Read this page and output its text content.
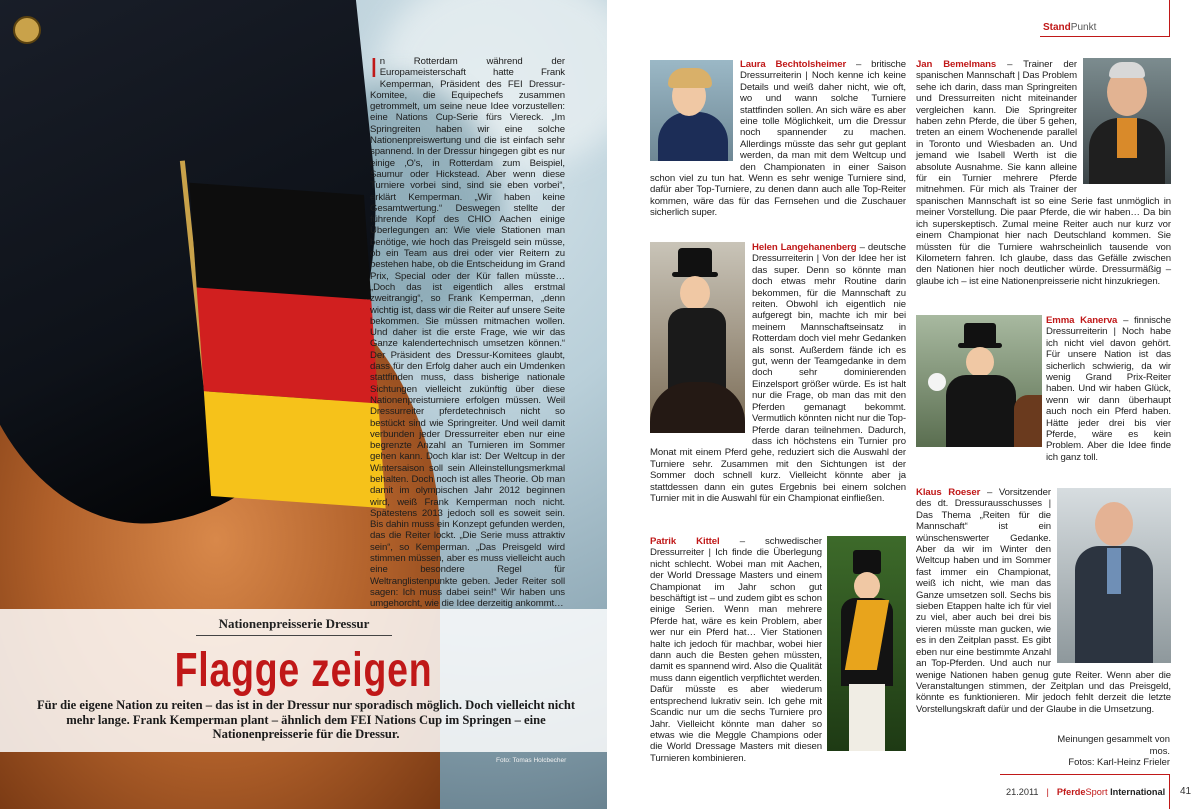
In Rotterdam während der Europameisterschaft hatte Frank Kemperman, Präsident des FEI Dressur-Komitee, die Equipechefs zusammen getrommelt, um seine neue Idee vorzustellen: eine Nations Cup-Serie fürs Viereck. „Im Springreiten haben wir eine solche Nationenpreiswertung und die ist einfach sehr spannend. In der Dressur hingegen gibt es nur einige ‚O's, in Rotterdam zum Beispiel, Saumur oder Hickstead. Aber wenn diese Turniere vorbei sind, sind sie eben vorbei“, erklärt Kemperman. „Wir haben keine Gesamtwertung.“ Deswegen stellte der führende Kopf des CHIO Aachen einige Überlegungen an: Wie viele Stationen man benötige, wie hoch das Preisgeld sein müsse, ob ein Team aus drei oder vier Reitern zu bestehen habe, ob die Entscheidung im Grand Prix, Special oder der Kür fallen müsste… „Doch das ist eigentlich alles erstmal zweitrangig“, so Frank Kemperman, „denn wichtig ist, dass wir die Reiter auf unsere Seite bekommen. Sie müssen mitmachen wollen. Und daher ist die erste Frage, wie wir das Ganze kalendertechnisch umsetzen können.“ Der Präsident des Dressur-Komitees glaubt, dass für den Erfolg daher auch ein Umdenken stattfinden muss, dass bisherige nationale Sichtungen vielleicht zukünftig über diese Nationenpreisturniere erfolgen müssen. Weil Dressurreiter pferdetechnisch nicht so bestückt sind wie Springreiter. Und weil damit verbunden jeder Dressurreiter eben nur eine begrenzte Anzahl an Turnieren im Sommer gehen kann. Doch klar ist: Der Weltcup in der Wintersaison soll sein Alleinstellungsmerkmal behalten. Doch noch ist alles Theorie. Ob man damit im olympischen Jahr 2012 beginnen wird, weiß Frank Kemperman noch nicht. Spätestens 2013 jedoch soll es soweit sein. Bis dahin muss ein Konzept gefunden werden, das die Reiter lockt. „Die Serie muss attraktiv sein“, so Kemperman. „Das Preisgeld wird stimmen müssen, aber es muss vielleicht auch eine besondere Regel für Weltranglistenpunkte geben. Jeder Reiter soll sagen: Ich muss dabei sein!“ Wir haben uns umgehorcht, wie die Idee derzeitig ankommt…
Nationenpreisserie Dressur
Flagge zeigen
Für die eigene Nation zu reiten – das ist in der Dressur nur sporadisch möglich. Doch vielleicht nicht mehr lange. Frank Kemperman plant – ähnlich dem FEI Nations Cup im Springen – eine Nationenpreisserie für die Dressur.
Foto: Tomas Holcbecher
StandPunkt
Laura Bechtolsheimer – britische Dressurreiterin | Noch kenne ich keine Details und weiß daher nicht, wie oft, wo und wann solche Turniere stattfinden sollen. An sich wäre es aber eine tolle Möglichkeit, um die Dressur noch spannender zu machen. Allerdings müsste das sehr gut geplant werden, da man mit dem Weltcup und den Championaten in einer Saison schon viel zu tun hat. Wenn es sehr wenige Turniere sind, dafür aber Top-Turniere, zu denen dann auch alle Top-Reiter kommen, wäre das für das Fernsehen und die Zuschauer sicherlich super.
Helen Langehanenberg – deutsche Dressurreiterin | Von der Idee her ist das super. Denn so könnte man doch etwas mehr Routine darin bekommen, für die Mannschaft zu reiten. Obwohl ich eigentlich nie aufgeregt bin, machte ich mir bei meinem Mannschaftseinsatz in Rotterdam doch viel mehr Gedanken als sonst. Außerdem fände ich es gut, wenn der Teamgedanke in dem doch sehr dominierenden Einzelsport größer würde. Es ist halt nur die Frage, ob man das mit den Pferden gemanagt bekommt. Vermutlich könnten nicht nur die Top-Pferde daran teilnehmen. Dadurch, dass ich höchstens ein Turnier pro Monat mit einem Pferd gehe, reduziert sich die Auswahl der Turniere sehr. Zusammen mit den Sichtungen ist der Sommer doch schnell kurz. Vielleicht könnte aber ja stattdessen dann ein gutes Ergebnis bei einem solchen Turnier mit in die Auswahl für ein Championat einfließen.
Patrik Kittel – schwedischer Dressurreiter | Ich finde die Überlegung nicht schlecht. Wobei man mit Aachen, der World Dressage Masters und einem Championat im Jahr schon gut beschäftigt ist – und zudem gibt es schon einige Serien. Wenn man mehrere Pferde hat, wäre es kein Problem, aber wer nur ein Pferd hat… Vier Stationen halte ich jedoch für machbar, wobei hier dann auch die Besten gehen müssten, damit es spannend wird. Also die Qualität muss dann eigentlich verpflichtet werden. Dafür müsste es aber wiederum entsprechend lukrativ sein. Ich gehe mit Scandic nur um die sechs Turniere pro Jahr. Vielleicht könnte man daher so etwas wie die Meggle Champions oder die World Dressage Masters mit diesen Turnieren kombinieren.
Jan Bemelmans – Trainer der spanischen Mannschaft | Das Problem sehe ich darin, dass man Springreiten und Dressurreiten nicht miteinander vergleichen kann. Die Springreiter haben zehn Pferde, die über 5 gehen, treten an einem Wochenende parallel in Toronto und Wiesbaden an. Und jemand wie Isabell Werth ist die absolute Ausnahme. Sie kann alleine für ein Turnier mehrere Pferde mitnehmen. Für mich als Trainer der spanischen Mannschaft ist so eine Serie fast unmöglich in meiner Vorstellung. Die paar Pferde, die wir haben… Da bin ich superskeptisch. Zumal meine Reiter auch nur kurz vor einem Championat hier nach Deutschland kommen. Sie müssten für die Turniere wahrscheinlich tausende von Kilometern fahren. Ich glaube, dass das Gefälle zwischen den Nationen hier noch deutlicher würde. Dressurmäßig – glaube ich – ist eine Nationenpreisserie nicht hinzukriegen.
Emma Kanerva – finnische Dressurreiterin | Noch habe ich nicht viel davon gehört. Für unsere Nation ist das sicherlich schwierig, da wir wenig Grand Prix-Reiter haben. Und wir haben Glück, wenn wir dann überhaupt auch noch ein Pferd haben. Hätte jeder drei bis vier Pferde, wäre es kein Problem. Aber die Idee finde ich ganz toll.
Klaus Roeser – Vorsitzender des dt. Dressurausschusses | Das Thema „Reiten für die Mannschaft“ ist ein wünschenswerter Gedanke. Aber da wir im Winter den Weltcup haben und im Sommer fast immer ein Championat, weiß ich nicht, wie man das Ganze umsetzen soll. Sechs bis sieben Etappen halte ich für viel zu viel, aber auch bei drei bis vieren müsste man gucken, wie es in den Zeitplan passt. Es gibt eben nur eine bestimmte Anzahl an Top-Pferden. Und auch nur wenige Nationen haben genug gute Reiter. Wenn aber die Veranstaltungen stimmen, der Zeitplan und das Preisgeld, könnte es funktionieren. Mir jedoch fehlt derzeit die letzte Vorstellungskraft dafür und der Glaube in die Umsetzung.
Meinungen gesammelt von mos.
Fotos: Karl-Heinz Frieler
21.2011 | PferdeSport International 41
